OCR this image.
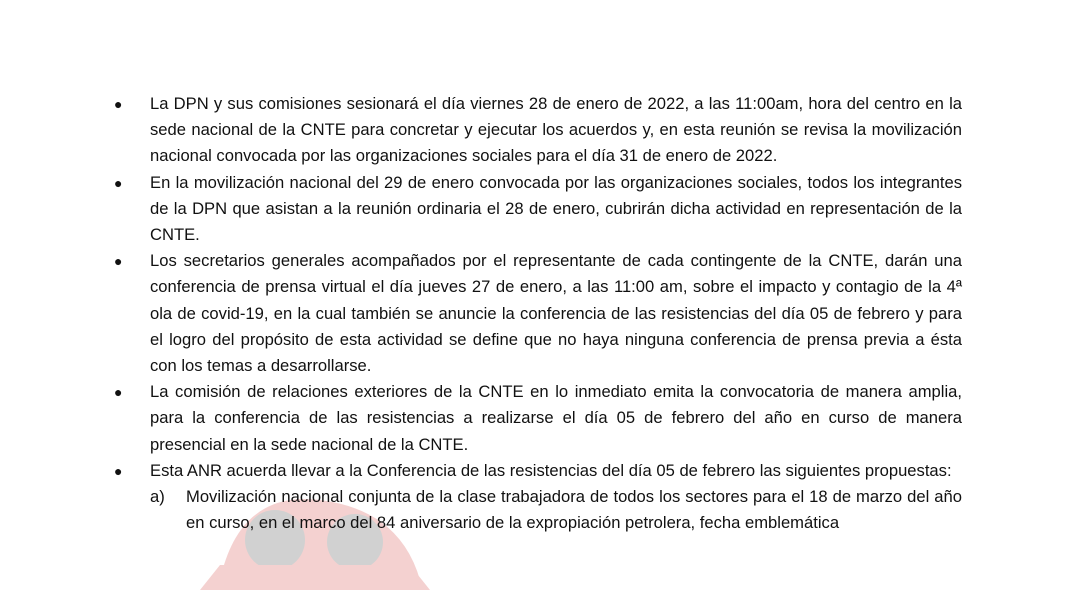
● La DPN y sus comisiones sesionará el día viernes 28 de enero de 2022, a las 11:00am, hora del centro en la sede nacional de la CNTE para concretar y ejecutar los acuerdos y, en esta reunión se revisa la movilización nacional convocada por las organizaciones sociales para el día 31 de enero de 2022.
● En la movilización nacional del 29 de enero convocada por las organizaciones sociales, todos los integrantes de la DPN que asistan a la reunión ordinaria el 28 de enero, cubrirán dicha actividad en representación de la CNTE.
● Los secretarios generales acompañados por el representante de cada contingente de la CNTE, darán una conferencia de prensa virtual el día jueves 27 de enero, a las 11:00 am, sobre el impacto y contagio de la 4ª ola de covid-19, en la cual también se anuncie la conferencia de las resistencias del día 05 de febrero y para el logro del propósito de esta actividad se define que no haya ninguna conferencia de prensa previa a ésta con los temas a desarrollarse.
● La comisión de relaciones exteriores de la CNTE en lo inmediato emita la convocatoria de manera amplia, para la conferencia de las resistencias a realizarse el día 05 de febrero del año en curso de manera presencial en la sede nacional de la CNTE.
● Esta ANR acuerda llevar a la Conferencia de las resistencias del día 05 de febrero las siguientes propuestas:
a) Movilización nacional conjunta de la clase trabajadora de todos los sectores para el 18 de marzo del año en curso, en el marco del 84 aniversario de la expropiación petrolera, fecha emblemática
